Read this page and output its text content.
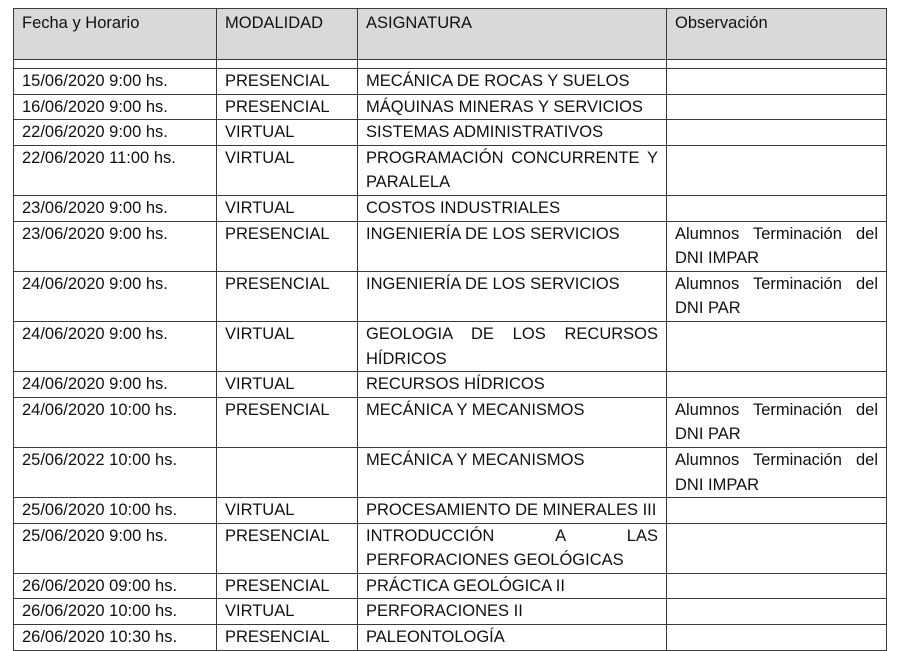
Fecha y Horario	MODALIDAD	ASIGNATURA	Observación

15/06/2020 9:00 hs.	PRESENCIAL	MECÁNICA DE ROCAS Y SUELOS	
16/06/2020 9:00 hs.	PRESENCIAL	MÁQUINAS MINERAS Y SERVICIOS	
22/06/2020 9:00 hs.	VIRTUAL	SISTEMAS ADMINISTRATIVOS	
22/06/2020 11:00 hs.	VIRTUAL	PROGRAMACIÓN CONCURRENTE Y PARALELA	
23/06/2020 9:00 hs.	VIRTUAL	COSTOS INDUSTRIALES	
23/06/2020 9:00 hs.	PRESENCIAL	INGENIERÍA DE LOS SERVICIOS	Alumnos Terminación del DNI IMPAR
24/06/2020 9:00 hs.	PRESENCIAL	INGENIERÍA DE LOS SERVICIOS	Alumnos Terminación del DNI PAR
24/06/2020 9:00 hs.	VIRTUAL	GEOLOGIA DE LOS RECURSOS HÍDRICOS	
24/06/2020 9:00 hs.	VIRTUAL	RECURSOS HÍDRICOS	
24/06/2020 10:00 hs.	PRESENCIAL	MECÁNICA Y MECANISMOS	Alumnos Terminación del DNI PAR
25/06/2022 10:00 hs.		MECÁNICA Y MECANISMOS	Alumnos Terminación del DNI IMPAR
25/06/2020 10:00 hs.	VIRTUAL	PROCESAMIENTO DE MINERALES III	
25/06/2020 9:00 hs.	PRESENCIAL	INTRODUCCIÓN A LAS PERFORACIONES GEOLÓGICAS	
26/06/2020 09:00 hs.	PRESENCIAL	PRÁCTICA GEOLÓGICA II	
26/06/2020 10:00 hs.	VIRTUAL	PERFORACIONES II	
26/06/2020 10:30 hs.	PRESENCIAL	PALEONTOLOGÍA	
